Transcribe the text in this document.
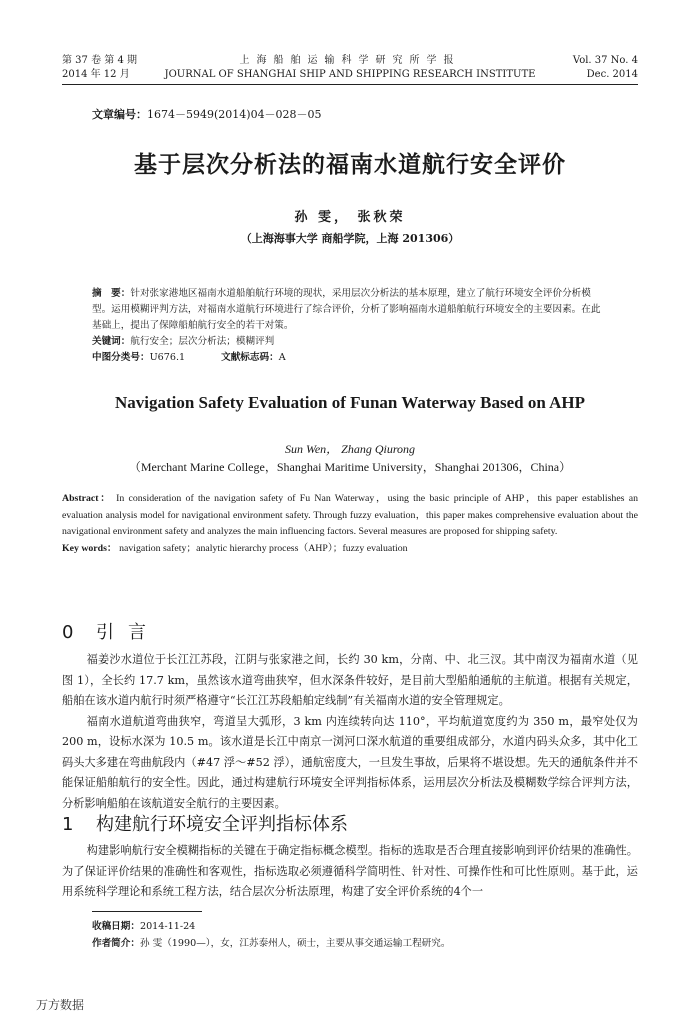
第 37 卷 第 4 期
2014 年 12 月
上海船舶运输科学研究所学报
JOURNAL OF SHANGHAI SHIP AND SHIPPING RESEARCH INSTITUTE
Vol. 37 No. 4
Dec. 2014
文章编号：1674－5949(2014)04－028－05
基于层次分析法的福南水道航行安全评价
孙 雯， 张秋荣
（上海海事大学 商船学院，上海 201306）
摘　要：针对张家港地区福南水道船舶航行环境的现状，采用层次分析法的基本原理，建立了航行环境安全评价分析模型。运用模糊评判方法，对福南水道航行环境进行了综合评价，分析了影响福南水道船舶航行环境安全的主要因素。在此基础上，提出了保障船舶航行安全的若干对策。
关键词：航行安全；层次分析法；模糊评判
中图分类号：U676.1	文献标志码：A
Navigation Safety Evaluation of Funan Waterway Based on AHP
Sun Wen， Zhang Qiurong
（Merchant Marine College，Shanghai Maritime University，Shanghai 201306，China）
Abstract： In consideration of the navigation safety of Fu Nan Waterway，using the basic principle of AHP，this paper establishes an evaluation analysis model for navigational environment safety. Through fuzzy evaluation，this paper makes comprehensive evaluation about the navigational environment safety and analyzes the main influencing factors. Several measures are proposed for shipping safety.
Key words： navigation safety；analytic hierarchy process（AHP）；fuzzy evaluation
0 引言

福姜沙水道位于长江江苏段，江阴与张家港之间，长约 30 km，分南、中、北三汊。其中南汊为福南水道（见图 1），全长约 17.7 km，虽然该水道弯曲狭窄，但水深条件较好，是目前大型船舶通航的主航道。根据有关规定，船舶在该水道内航行时须严格遵守“长江江苏段船舶定线制”有关福南水道的安全管理规定。

福南水道航道弯曲狭窄，弯道呈大弧形，3 km 内连续转向达 110°，平均航道宽度约为 350 m，最窄处仅为200 m，设标水深为 10.5 m。该水道是长江中南京一浏河口深水航道的重要组成部分，水道内码头众多，其中化工码头大多建在弯曲航段内（#47 浮～#52 浮），通航密度大，一旦发生事故，后果将不堪设想。先天的通航条件并不能保证船舶航行的安全性。因此，通过构建航行环境安全评判指标体系，运用层次分析法及模糊数学综合评判方法，分析影响船舶在该航道安全航行的主要因素。

1 构建航行环境安全评判指标体系

构建影响航行安全模糊指标的关键在于确定指标概念模型。指标的选取是否合理直接影响到评价结果的准确性。为了保证评价结果的准确性和客观性，指标选取必须遵循科学简明性、针对性、可操作性和可比性原则。基于此，运用系统科学理论和系统工程方法，结合层次分析法原理，构建了安全评价系统的4个一

收稿日期：2014-11-24
作者简介：孙 雯（1990—），女，江苏泰州人，硕士，主要从事交通运输工程研究。
万方数据
